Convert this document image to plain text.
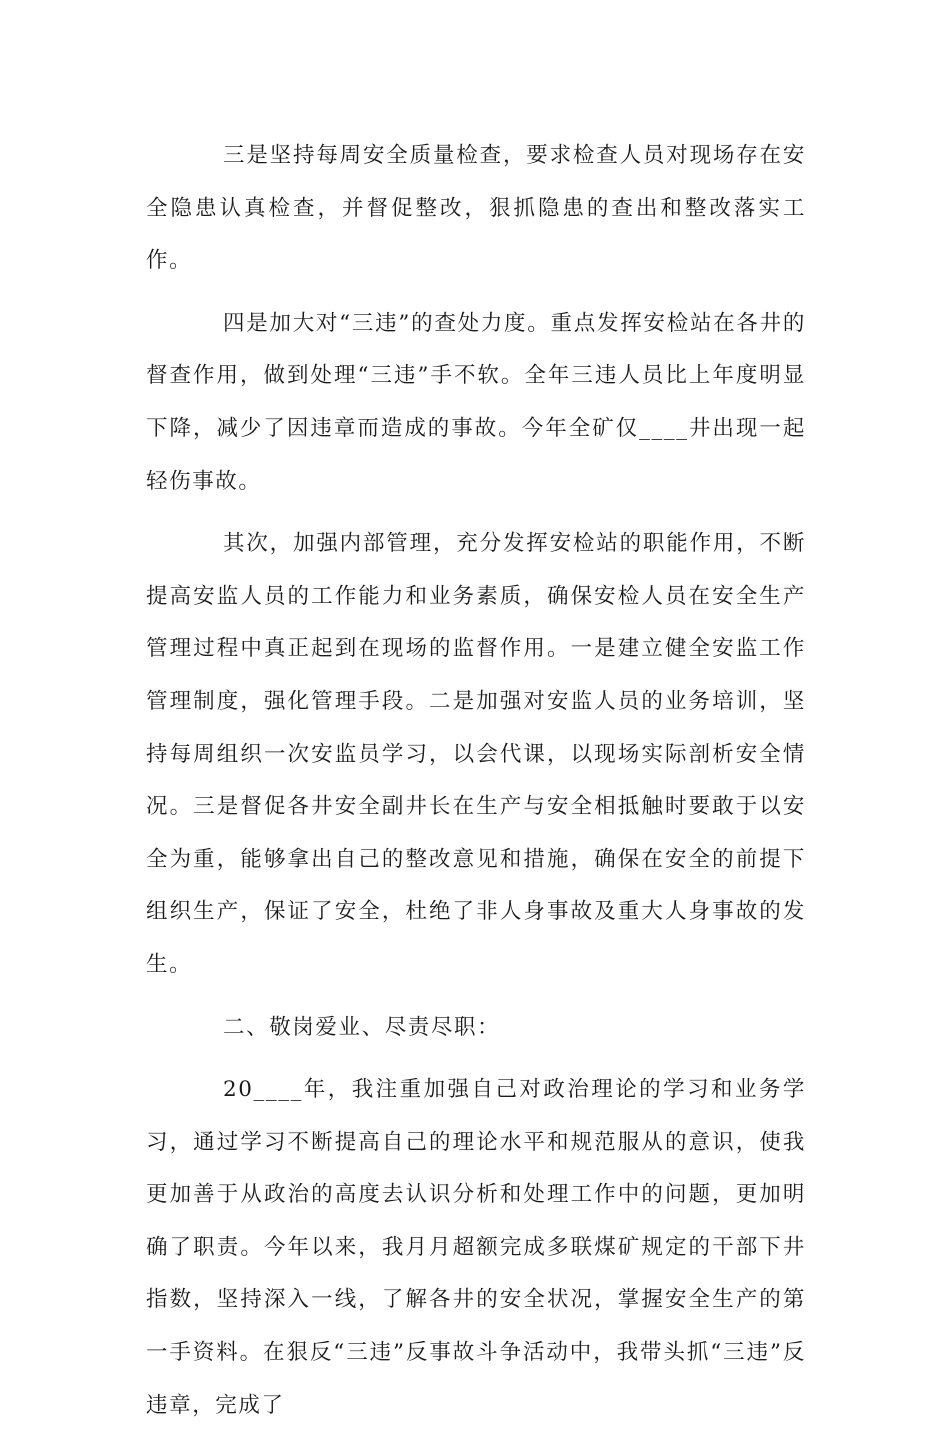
三是坚持每周安全质量检查，要求检查人员对现场存在安全隐患认真检查，并督促整改，狠抓隐患的查出和整改落实工作。

四是加大对“三违”的查处力度。重点发挥安检站在各井的督查作用，做到处理“三违”手不软。全年三违人员比上年度明显下降，减少了因违章而造成的事故。今年全矿仅____井出现一起轻伤事故。

其次，加强内部管理，充分发挥安检站的职能作用，不断提高安监人员的工作能力和业务素质，确保安检人员在安全生产管理过程中真正起到在现场的监督作用。一是建立健全安监工作管理制度，强化管理手段。二是加强对安监人员的业务培训，坚持每周组织一次安监员学习，以会代课，以现场实际剖析安全情况。三是督促各井安全副井长在生产与安全相抵触时要敢于以安全为重，能够拿出自己的整改意见和措施，确保在安全的前提下组织生产，保证了安全，杜绝了非人身事故及重大人身事故的发生。

二、敬岗爱业、尽责尽职：

20____年，我注重加强自己对政治理论的学习和业务学习，通过学习不断提高自己的理论水平和规范服从的意识，使我更加善于从政治的高度去认识分析和处理工作中的问题，更加明确了职责。今年以来，我月月超额完成多联煤矿规定的干部下井指数，坚持深入一线，了解各井的安全状况，掌握安全生产的第一手资料。在狠反“三违”反事故斗争活动中，我带头抓“三违”反违章，完成了
